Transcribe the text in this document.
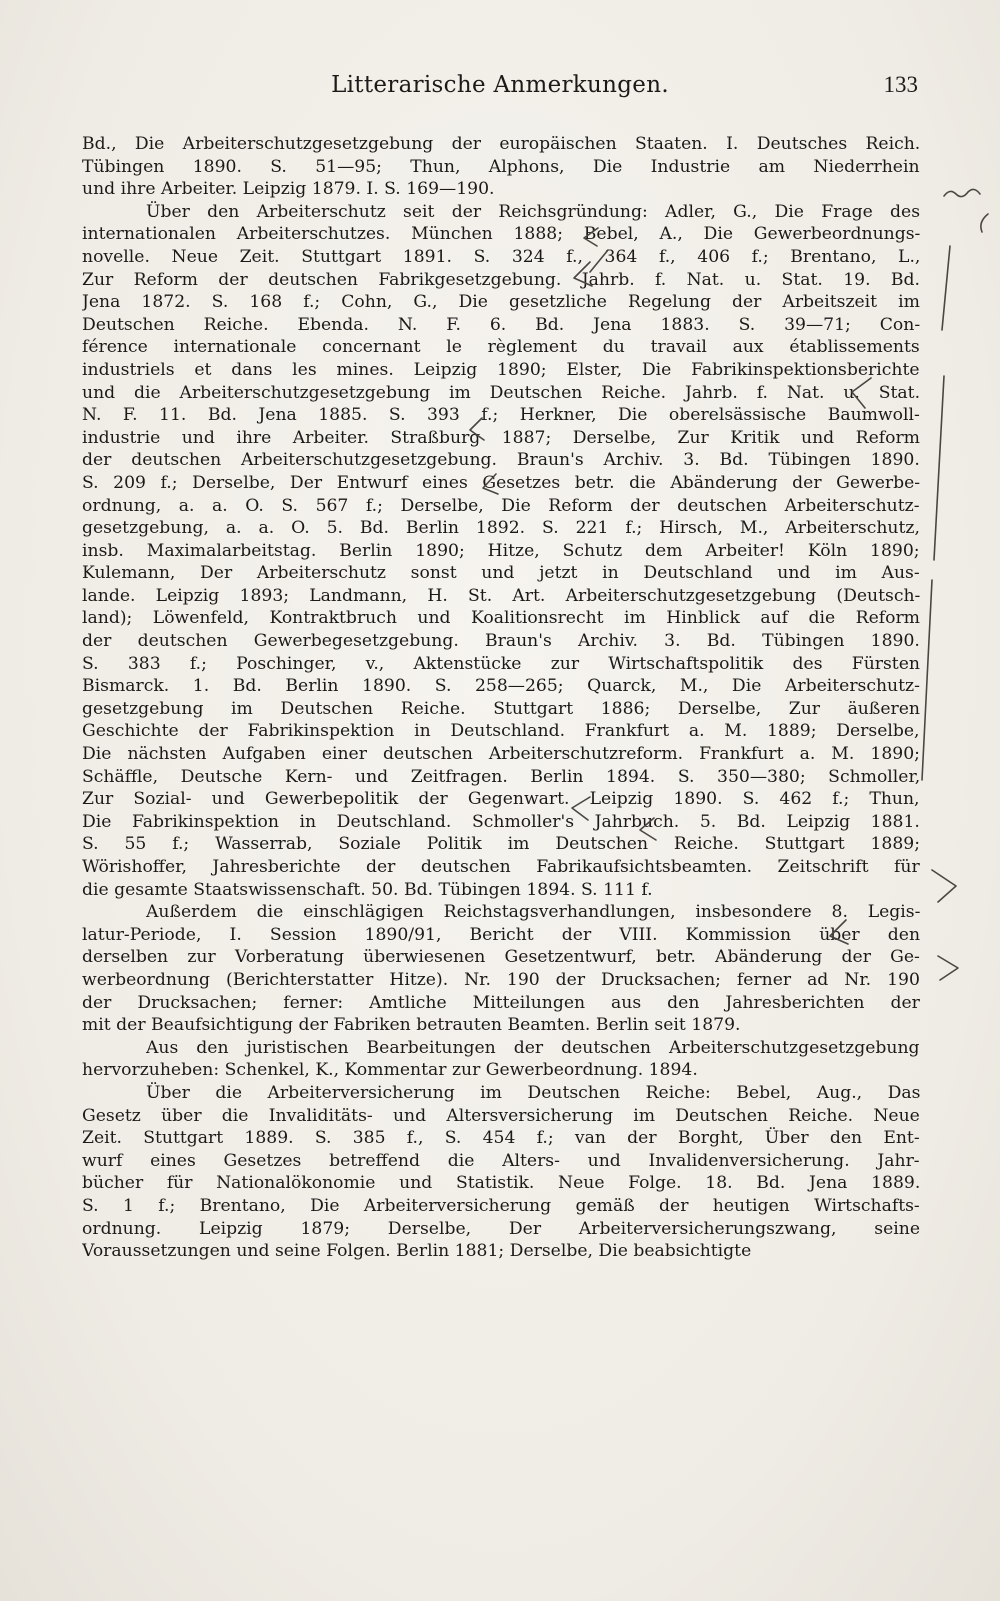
Litterarische Anmerkungen.	133
Bd., Die Arbeiterschutzgesetzgebung der europäischen Staaten. I. Deutsches Reich.
Tübingen 1890. S. 51—95; Thun, Alphons, Die Industrie am Niederrhein
und ihre Arbeiter. Leipzig 1879. I. S. 169—190.
Über den Arbeiterschutz seit der Reichsgründung: Adler, G., Die Frage des
internationalen Arbeiterschutzes. München 1888; Bebel, A., Die Gewerbeordnungs-
novelle. Neue Zeit. Stuttgart 1891. S. 324 f., 364 f., 406 f.; Brentano, L.,
Zur Reform der deutschen Fabrikgesetzgebung. Jahrb. f. Nat. u. Stat. 19. Bd.
Jena 1872. S. 168 f.; Cohn, G., Die gesetzliche Regelung der Arbeitszeit im
Deutschen Reiche. Ebenda. N. F. 6. Bd. Jena 1883. S. 39—71; Con-
férence internationale concernant le règlement du travail aux établissements
industriels et dans les mines. Leipzig 1890; Elster, Die Fabrikinspektionsberichte
und die Arbeiterschutzgesetzgebung im Deutschen Reiche. Jahrb. f. Nat. u. Stat.
N. F. 11. Bd. Jena 1885. S. 393 f.; Herkner, Die oberelsässische Baumwoll-
industrie und ihre Arbeiter. Straßburg 1887; Derselbe, Zur Kritik und Reform
der deutschen Arbeiterschutzgesetzgebung. Braun's Archiv. 3. Bd. Tübingen 1890.
S. 209 f.; Derselbe, Der Entwurf eines Gesetzes betr. die Abänderung der Gewerbe-
ordnung, a. a. O. S. 567 f.; Derselbe, Die Reform der deutschen Arbeiterschutz-
gesetzgebung, a. a. O. 5. Bd. Berlin 1892. S. 221 f.; Hirsch, M., Arbeiterschutz,
insb. Maximalarbeitstag. Berlin 1890; Hitze, Schutz dem Arbeiter! Köln 1890;
Kulemann, Der Arbeiterschutz sonst und jetzt in Deutschland und im Aus-
lande. Leipzig 1893; Landmann, H. St. Art. Arbeiterschutzgesetzgebung (Deutsch-
land); Löwenfeld, Kontraktbruch und Koalitionsrecht im Hinblick auf die Reform
der deutschen Gewerbegesetzgebung. Braun's Archiv. 3. Bd. Tübingen 1890.
S. 383 f.; Poschinger, v., Aktenstücke zur Wirtschaftspolitik des Fürsten
Bismarck. 1. Bd. Berlin 1890. S. 258—265; Quarck, M., Die Arbeiterschutz-
gesetzgebung im Deutschen Reiche. Stuttgart 1886; Derselbe, Zur äußeren
Geschichte der Fabrikinspektion in Deutschland. Frankfurt a. M. 1889; Derselbe,
Die nächsten Aufgaben einer deutschen Arbeiterschutzreform. Frankfurt a. M. 1890;
Schäffle, Deutsche Kern- und Zeitfragen. Berlin 1894. S. 350—380; Schmoller,
Zur Sozial- und Gewerbepolitik der Gegenwart. Leipzig 1890. S. 462 f.; Thun,
Die Fabrikinspektion in Deutschland. Schmoller's Jahrbuch. 5. Bd. Leipzig 1881.
S. 55 f.; Wasserrab, Soziale Politik im Deutschen Reiche. Stuttgart 1889;
Wörishoffer, Jahresberichte der deutschen Fabrikaufsichtsbeamten. Zeitschrift für
die gesamte Staatswissenschaft. 50. Bd. Tübingen 1894. S. 111 f.
Außerdem die einschlägigen Reichstagsverhandlungen, insbesondere 8. Legis-
latur-Periode, I. Session 1890/91, Bericht der VIII. Kommission über den
derselben zur Vorberatung überwiesenen Gesetzentwurf, betr. Abänderung der Ge-
werbeordnung (Berichterstatter Hitze). Nr. 190 der Drucksachen; ferner ad Nr. 190
der Drucksachen; ferner: Amtliche Mitteilungen aus den Jahresberichten der
mit der Beaufsichtigung der Fabriken betrauten Beamten. Berlin seit 1879.
Aus den juristischen Bearbeitungen der deutschen Arbeiterschutzgesetzgebung
hervorzuheben: Schenkel, K., Kommentar zur Gewerbeordnung. 1894.
Über die Arbeiterversicherung im Deutschen Reiche: Bebel, Aug., Das
Gesetz über die Invaliditäts- und Altersversicherung im Deutschen Reiche. Neue
Zeit. Stuttgart 1889. S. 385 f., S. 454 f.; van der Borght, Über den Ent-
wurf eines Gesetzes betreffend die Alters- und Invalidenversicherung. Jahr-
bücher für Nationalökonomie und Statistik. Neue Folge. 18. Bd. Jena 1889.
S. 1 f.; Brentano, Die Arbeiterversicherung gemäß der heutigen Wirtschafts-
ordnung. Leipzig 1879; Derselbe, Der Arbeiterversicherungszwang, seine
Voraussetzungen und seine Folgen. Berlin 1881; Derselbe, Die beabsichtigte
